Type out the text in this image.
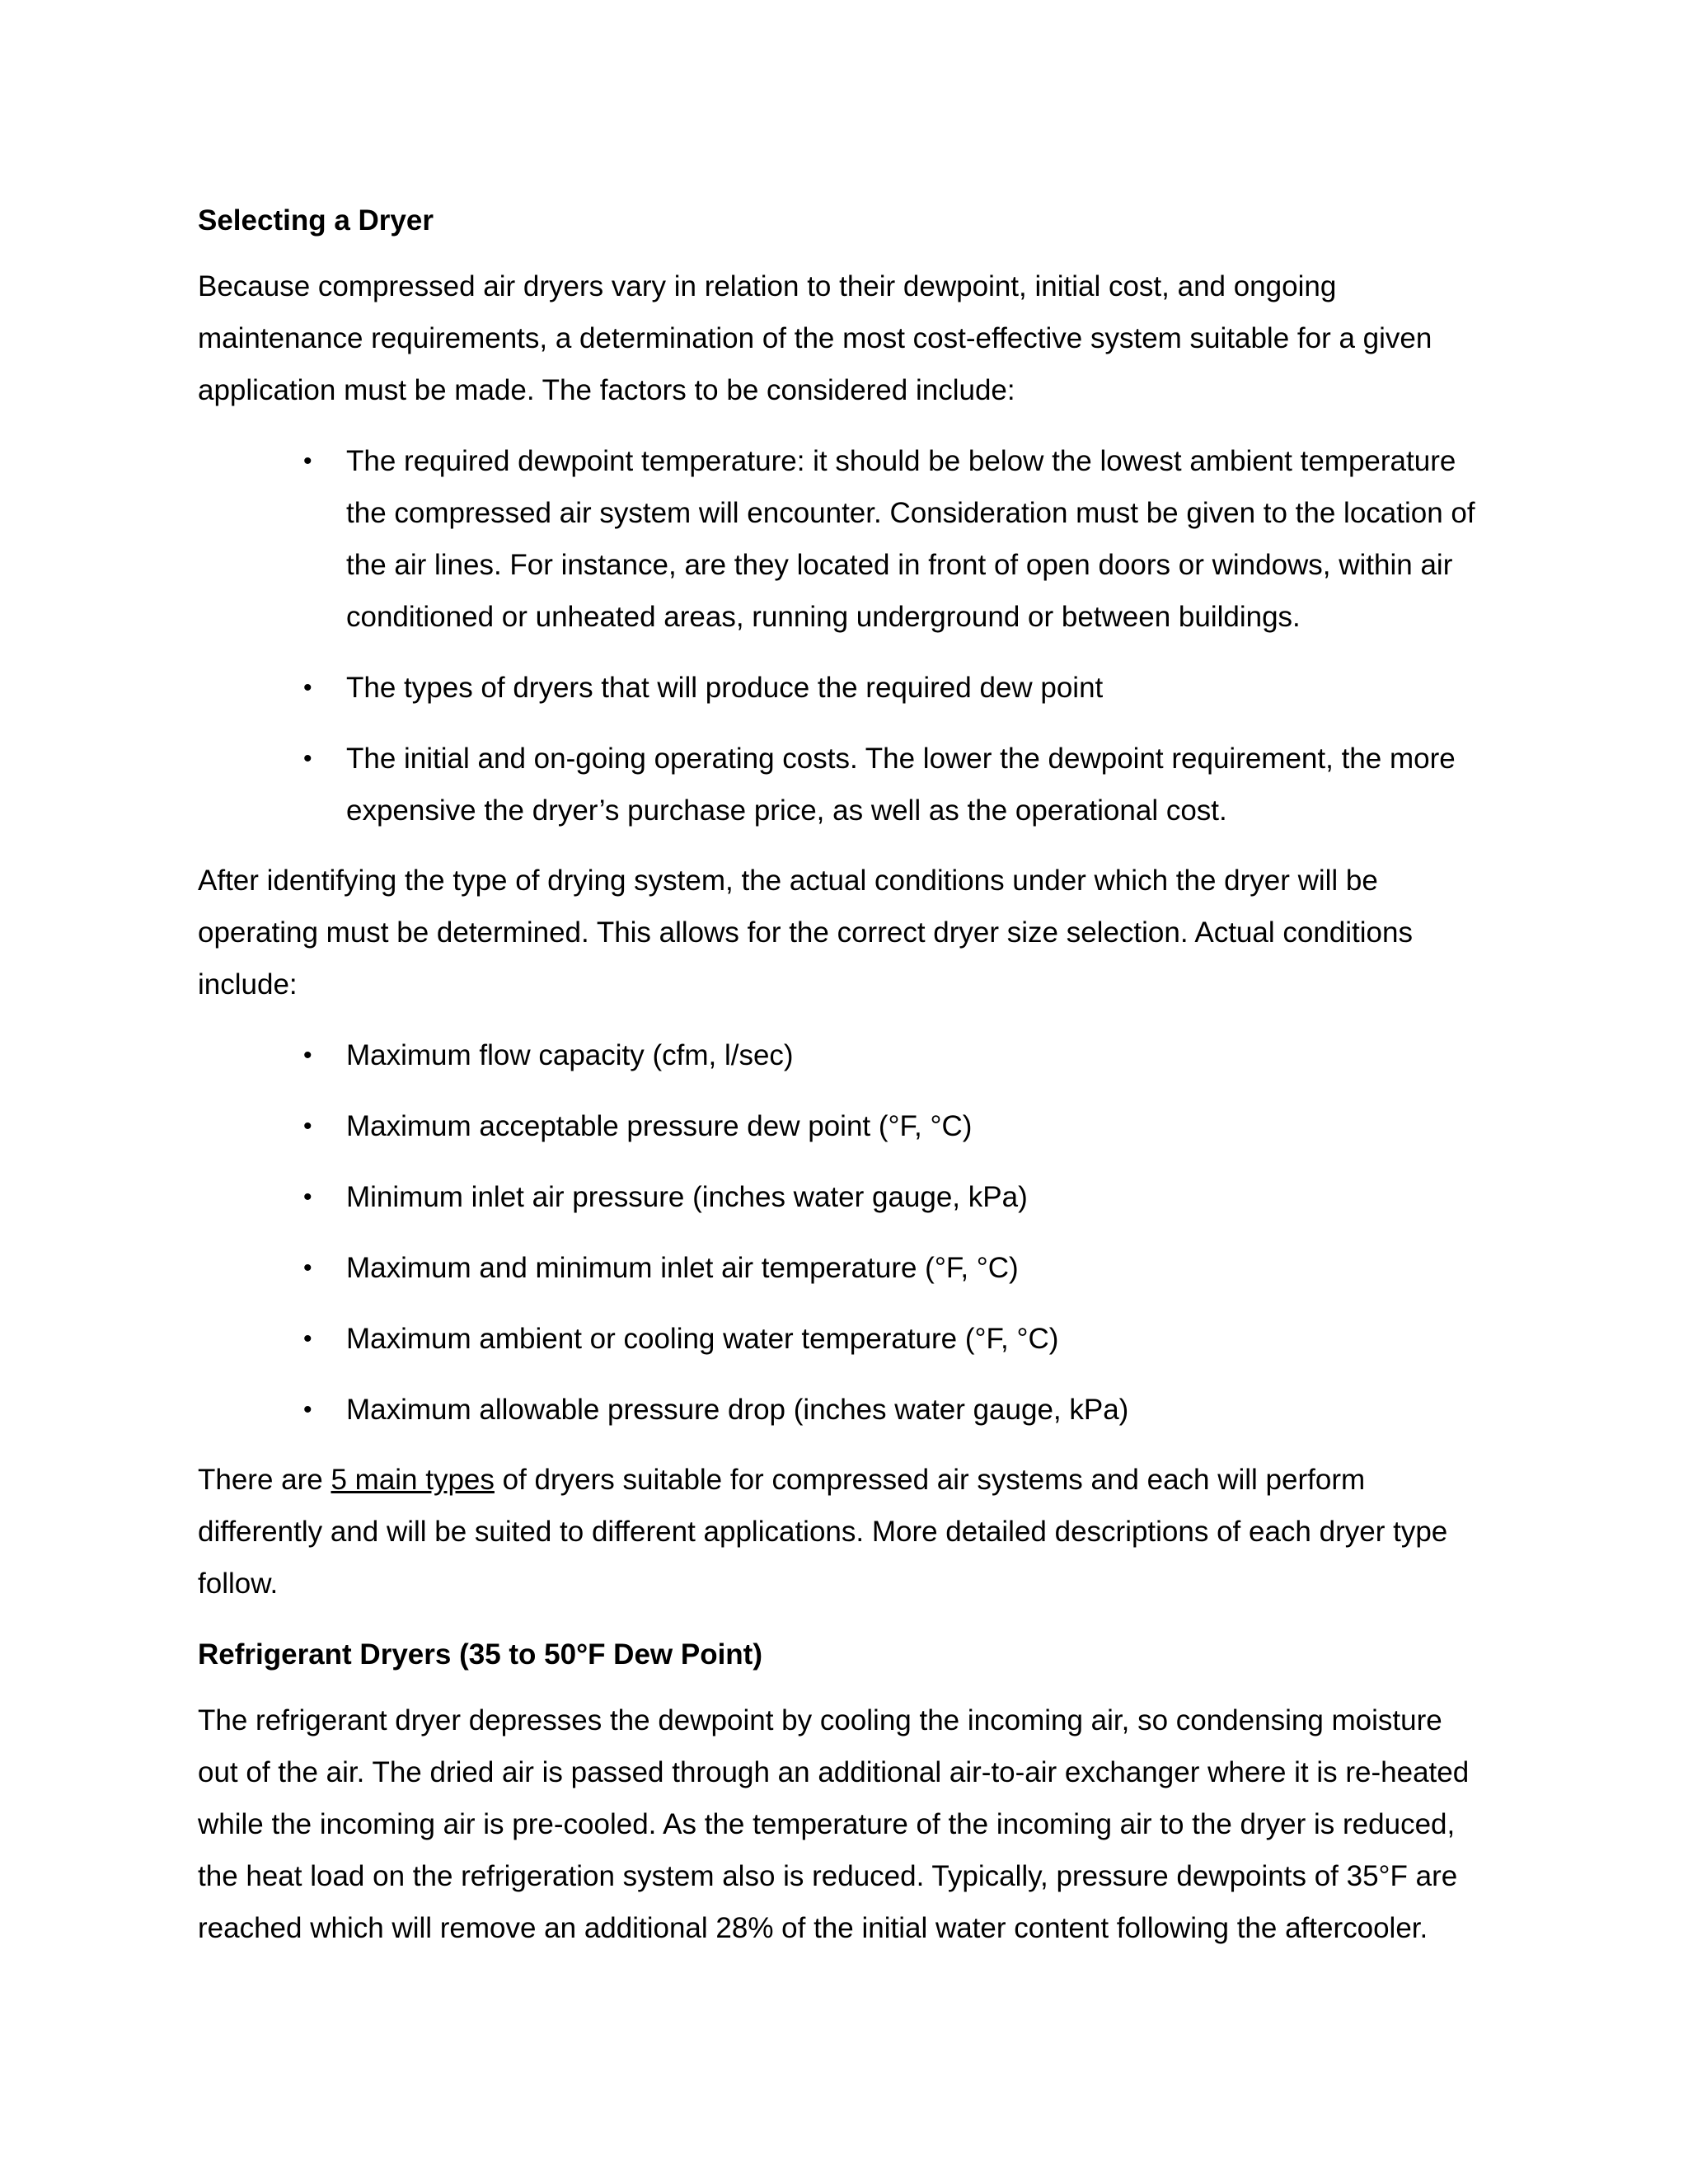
Selecting a Dryer
Because compressed air dryers vary in relation to their dewpoint, initial cost, and ongoing maintenance requirements, a determination of the most cost-effective system suitable for a given application must be made. The factors to be considered include:
• The required dewpoint temperature: it should be below the lowest ambient temperature the compressed air system will encounter. Consideration must be given to the location of the air lines. For instance, are they located in front of open doors or windows, within air conditioned or unheated areas, running underground or between buildings.
• The types of dryers that will produce the required dew point
• The initial and on-going operating costs. The lower the dewpoint requirement, the more expensive the dryer’s purchase price, as well as the operational cost.
After identifying the type of drying system, the actual conditions under which the dryer will be operating must be determined. This allows for the correct dryer size selection. Actual conditions include:
• Maximum flow capacity (cfm, l/sec)
• Maximum acceptable pressure dew point (°F, °C)
• Minimum inlet air pressure (inches water gauge, kPa)
• Maximum and minimum inlet air temperature (°F, °C)
• Maximum ambient or cooling water temperature (°F, °C)
• Maximum allowable pressure drop (inches water gauge, kPa)
There are 5 main types of dryers suitable for compressed air systems and each will perform differently and will be suited to different applications. More detailed descriptions of each dryer type follow.
Refrigerant Dryers (35 to 50°F Dew Point)
The refrigerant dryer depresses the dewpoint by cooling the incoming air, so condensing moisture out of the air. The dried air is passed through an additional air-to-air exchanger where it is re-heated while the incoming air is pre-cooled. As the temperature of the incoming air to the dryer is reduced, the heat load on the refrigeration system also is reduced. Typically, pressure dewpoints of 35°F are reached which will remove an additional 28% of the initial water content following the aftercooler.
